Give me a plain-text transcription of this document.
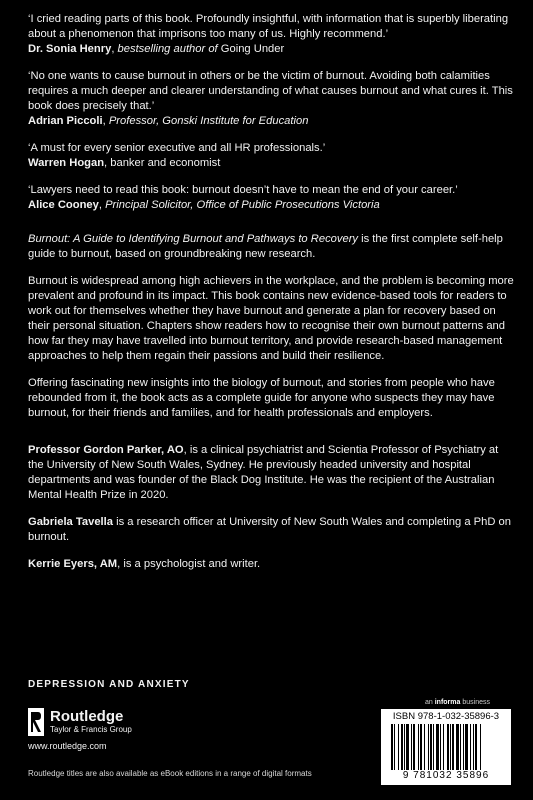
‘I cried reading parts of this book. Profoundly insightful, with information that is superbly liberating about a phenomenon that imprisons too many of us. Highly recommend.’

Dr. Sonia Henry, bestselling author of Going Under

‘No one wants to cause burnout in others or be the victim of burnout. Avoiding both calamities requires a much deeper and clearer understanding of what causes burnout and what cures it. This book does precisely that.’

Adrian Piccoli, Professor, Gonski Institute for Education

‘A must for every senior executive and all HR professionals.’

Warren Hogan, banker and economist

‘Lawyers need to read this book: burnout doesn’t have to mean the end of your career.’

Alice Cooney, Principal Solicitor, Office of Public Prosecutions Victoria

Burnout: A Guide to Identifying Burnout and Pathways to Recovery is the first complete self-help guide to burnout, based on groundbreaking new research.

Burnout is widespread among high achievers in the workplace, and the problem is becoming more prevalent and profound in its impact. This book contains new evidence-based tools for readers to work out for themselves whether they have burnout and generate a plan for recovery based on their personal situation. Chapters show readers how to recognise their own burnout patterns and how far they may have travelled into burnout territory, and provide research-based management approaches to help them regain their passions and build their resilience.

Offering fascinating new insights into the biology of burnout, and stories from people who have rebounded from it, the book acts as a complete guide for anyone who suspects they may have burnout, for their friends and families, and for health professionals and employers.

Professor Gordon Parker, AO, is a clinical psychiatrist and Scientia Professor of Psychiatry at the University of New South Wales, Sydney. He previously headed university and hospital departments and was founder of the Black Dog Institute. He was the recipient of the Australian Mental Health Prize in 2020.

Gabriela Tavella is a research officer at University of New South Wales and completing a PhD on burnout.

Kerrie Eyers, AM, is a psychologist and writer.

DEPRESSION AND ANXIETY
Routledge
Taylor & Francis Group
www.routledge.com
Routledge titles are also available as eBook editions in a range of digital formats
an informa business
ISBN 978-1-032-35896-3
9 781032 35896
